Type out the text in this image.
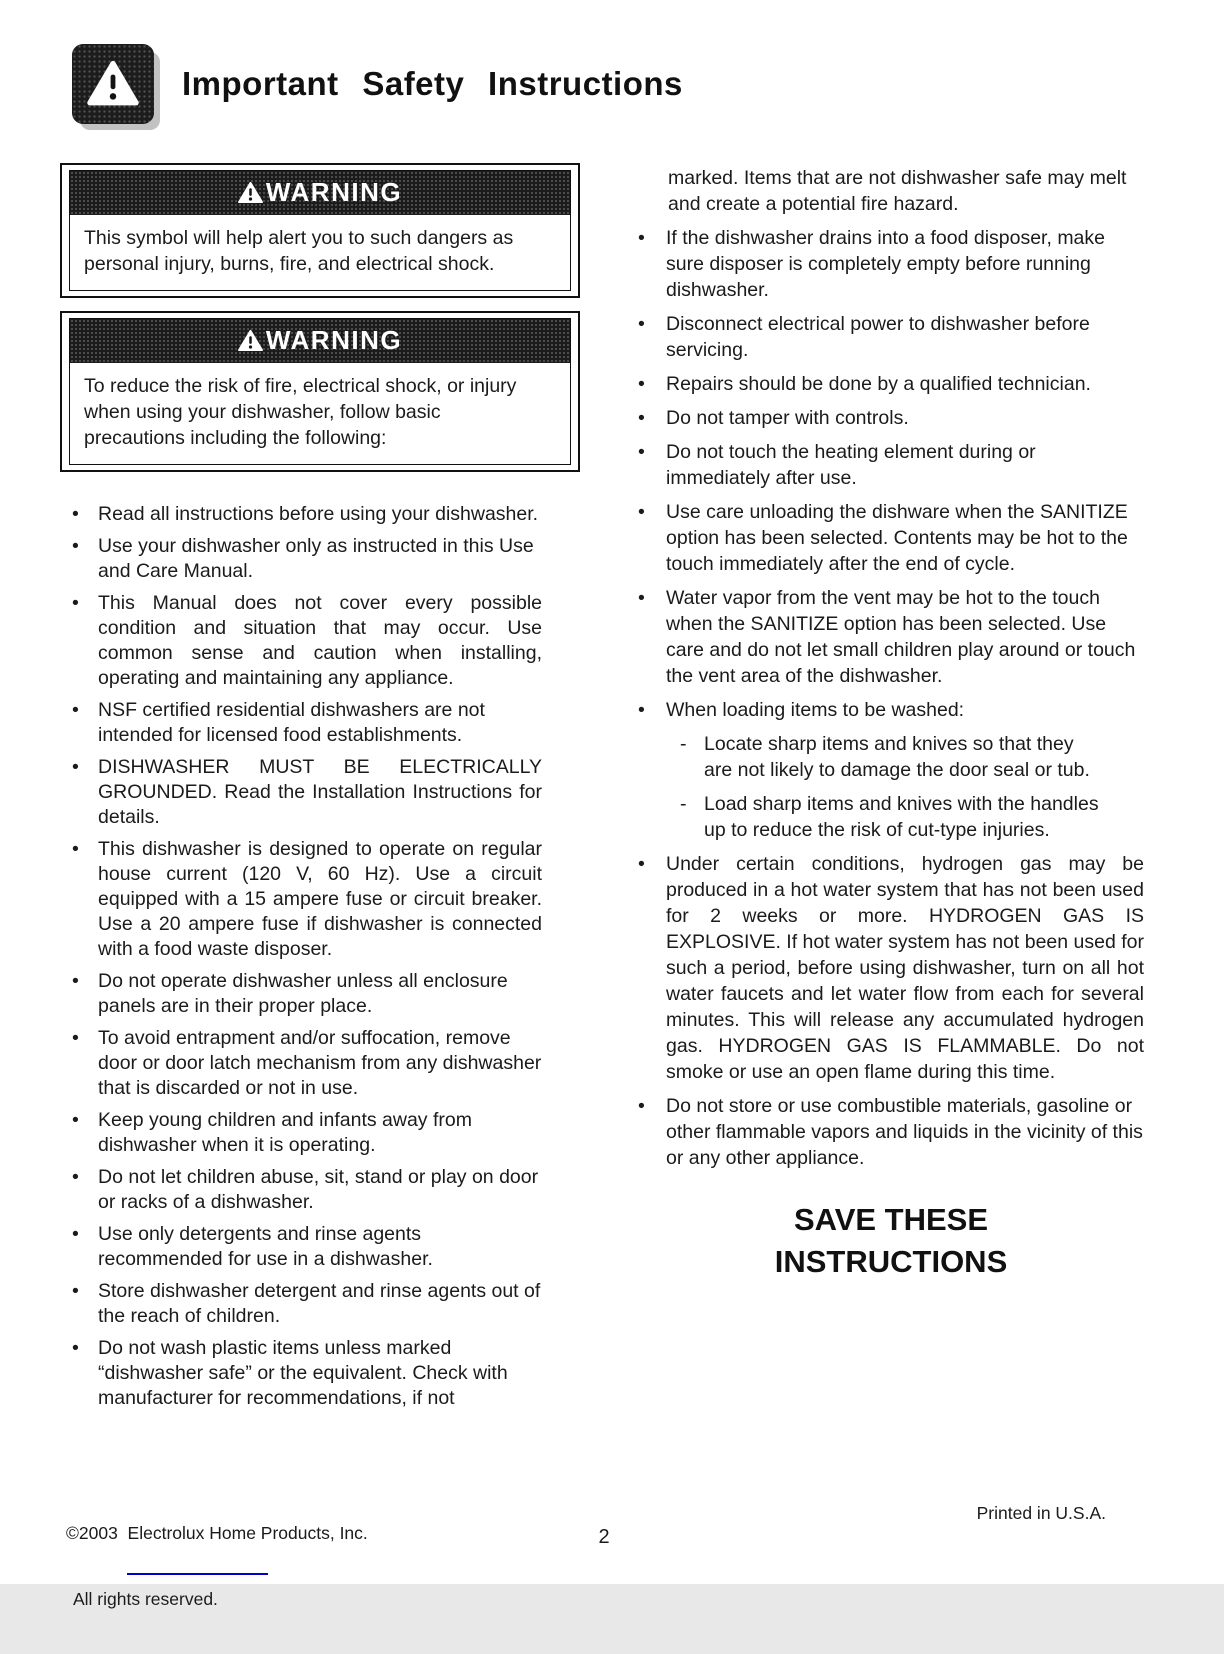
Important Safety Instructions
WARNING
This symbol will help alert you to such dangers as personal injury, burns, fire, and electrical shock.
WARNING
To reduce the risk of fire, electrical shock, or injury when using your dishwasher, follow basic precautions including the following:
• Read all instructions before using your dishwasher.
• Use your dishwasher only as instructed in this Use and Care Manual.
• This Manual does not cover every possible condition and situation that may occur. Use common sense and caution when installing, operating and maintaining any appliance.
• NSF certified residential dishwashers are not intended for licensed food establishments.
• DISHWASHER MUST BE ELECTRICALLY GROUNDED. Read the Installation Instructions for details.
• This dishwasher is designed to operate on regular house current (120 V, 60 Hz). Use a circuit equipped with a 15 ampere fuse or circuit breaker. Use a 20 ampere fuse if dishwasher is connected with a food waste disposer.
• Do not operate dishwasher unless all enclosure panels are in their proper place.
• To avoid entrapment and/or suffocation, remove door or door latch mechanism from any dishwasher that is discarded or not in use.
• Keep young children and infants away from dishwasher when it is operating.
• Do not let children abuse, sit, stand or play on door or racks of a dishwasher.
• Use only detergents and rinse agents recommended for use in a dishwasher.
• Store dishwasher detergent and rinse agents out of the reach of children.
• Do not wash plastic items unless marked “dishwasher safe” or the equivalent. Check with manufacturer for recommendations, if not
marked. Items that are not dishwasher safe may melt and create a potential fire hazard.
• If the dishwasher drains into a food disposer, make sure disposer is completely empty before running dishwasher.
• Disconnect electrical power to dishwasher before servicing.
• Repairs should be done by a qualified technician.
• Do not tamper with controls.
• Do not touch the heating element during or immediately after use.
• Use care unloading the dishware when the SANITIZE option has been selected. Contents may be hot to the touch immediately after the end of cycle.
• Water vapor from the vent may be hot to the touch when the SANITIZE option has been selected. Use care and do not let small children play around or touch the vent area of the dishwasher.
• When loading items to be washed:
- Locate sharp items and knives so that they are not likely to damage the door seal or tub.
- Load sharp items and knives with the handles up to reduce the risk of cut-type injuries.
• Under certain conditions, hydrogen gas may be produced in a hot water system that has not been used for 2 weeks or more. HYDROGEN GAS IS EXPLOSIVE. If hot water system has not been used for such a period, before using dishwasher, turn on all hot water faucets and let water flow from each for several minutes. This will release any accumulated hydrogen gas. HYDROGEN GAS IS FLAMMABLE. Do not smoke or use an open flame during this time.
• Do not store or use combustible materials, gasoline or other flammable vapors and liquids in the vicinity of this or any other appliance.
SAVE THESE
INSTRUCTIONS

©2003  Electrolux Home Products, Inc.

All rights reserved.

Printed in U.S.A.
2
